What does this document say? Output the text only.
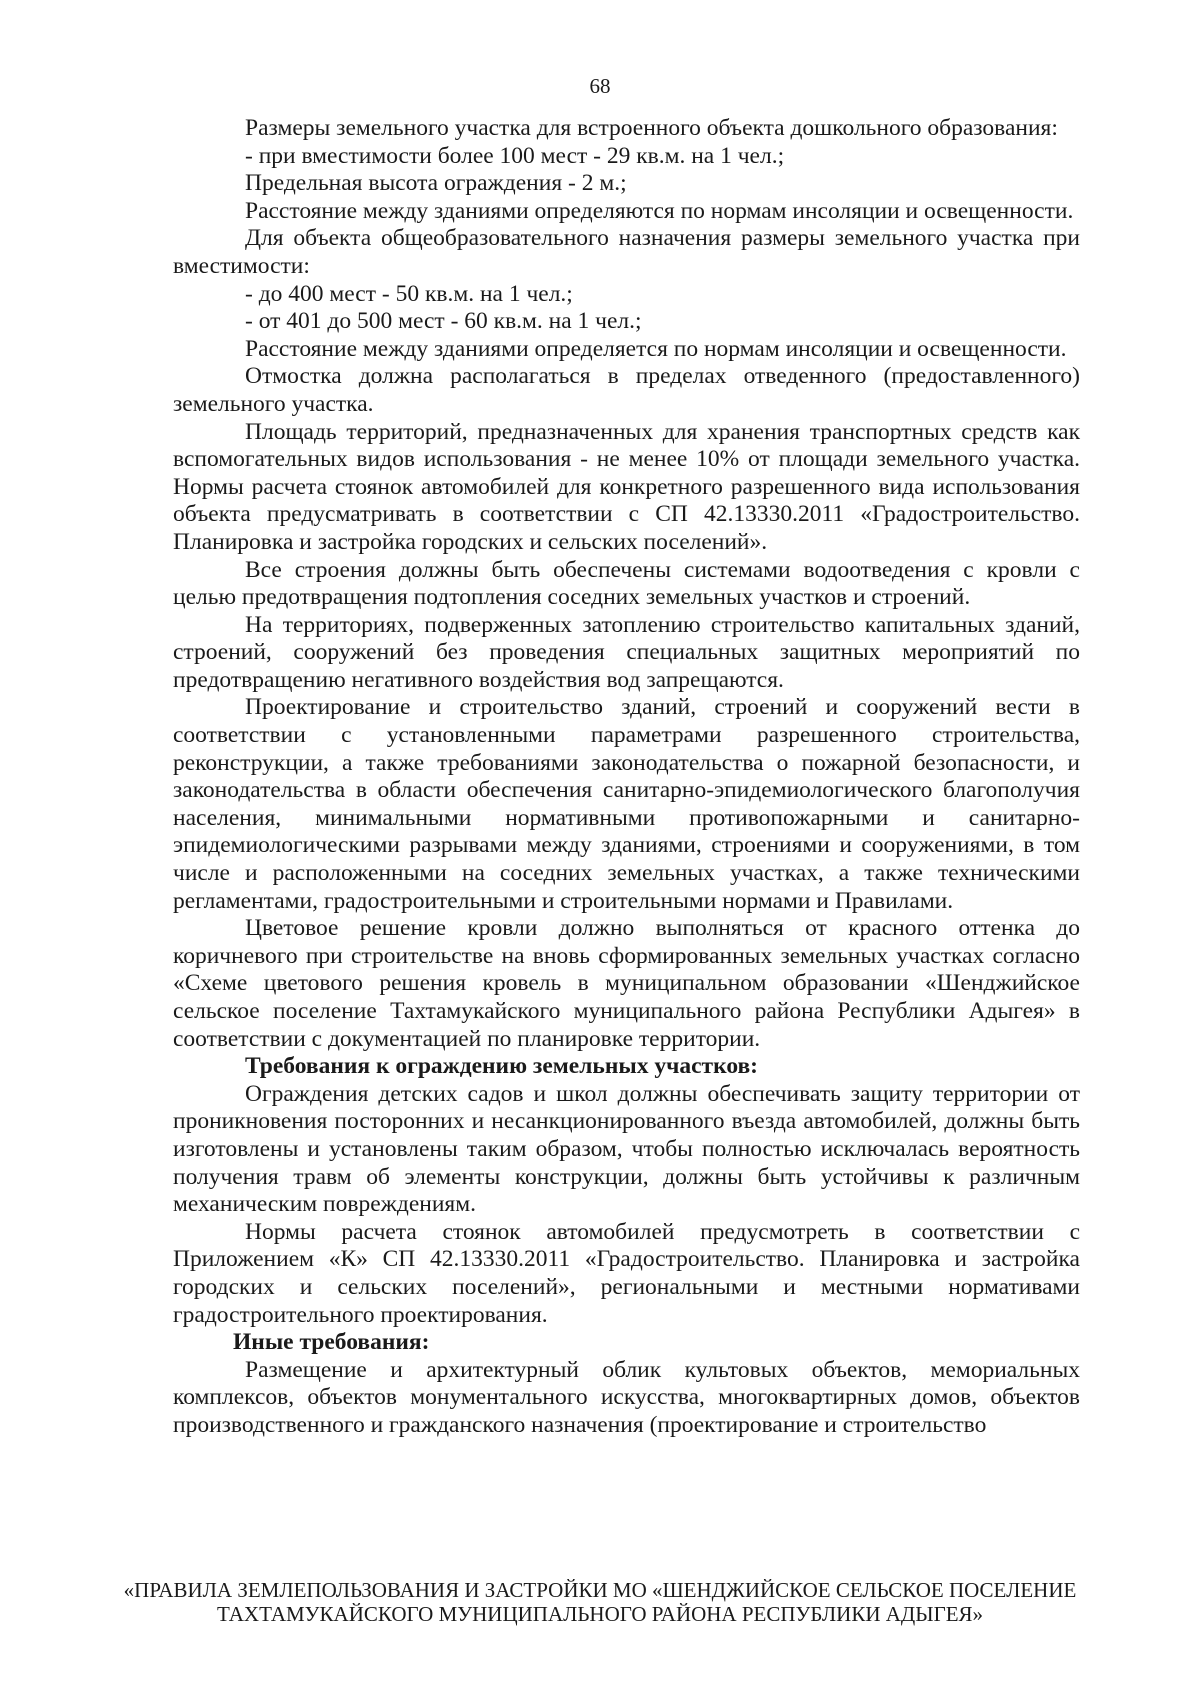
68

Размеры земельного участка для встроенного объекта дошкольного образования:

- при вместимости более 100 мест - 29 кв.м. на 1 чел.;

Предельная высота ограждения - 2 м.;

Расстояние между зданиями определяются по нормам инсоляции и освещенности.

Для объекта общеобразовательного назначения размеры земельного участка при вместимости:

- до 400 мест - 50 кв.м. на 1 чел.;

- от 401 до 500 мест - 60 кв.м. на 1 чел.;

Расстояние между зданиями определяется по нормам инсоляции и освещенности.

Отмостка должна располагаться в пределах отведенного (предоставленного) земельного участка.

Площадь территорий, предназначенных для хранения транспортных средств как вспомогательных видов использования - не менее 10% от площади земельного участка. Нормы расчета стоянок автомобилей для конкретного разрешенного вида использования объекта предусматривать в соответствии с СП 42.13330.2011 «Градостроительство. Планировка и застройка городских и сельских поселений».

Все строения должны быть обеспечены системами водоотведения с кровли с целью предотвращения подтопления соседних земельных участков и строений.

На территориях, подверженных затоплению строительство капитальных зданий, строений, сооружений без проведения специальных защитных мероприятий по предотвращению негативного воздействия вод запрещаются.

Проектирование и строительство зданий, строений и сооружений вести в соответствии с установленными параметрами разрешенного строительства, реконструкции, а также требованиями законодательства о пожарной безопасности, и законодательства в области обеспечения санитарно-эпидемиологического благополучия населения, минимальными нормативными противопожарными и санитарно-эпидемиологическими разрывами между зданиями, строениями и сооружениями, в том числе и расположенными на соседних земельных участках, а также техническими регламентами, градостроительными и строительными нормами и Правилами.

Цветовое решение кровли должно выполняться от красного оттенка до коричневого при строительстве на вновь сформированных земельных участках согласно «Схеме цветового решения кровель в муниципальном образовании «Шенджийское сельское поселение Тахтамукайского муниципального района Республики Адыгея» в соответствии с документацией по планировке территории.

Требования к ограждению земельных участков:

Ограждения детских садов и школ должны обеспечивать защиту территории от проникновения посторонних и несанкционированного въезда автомобилей, должны быть изготовлены и установлены таким образом, чтобы полностью исключалась вероятность получения травм об элементы конструкции, должны быть устойчивы к различным механическим повреждениям.

Нормы расчета стоянок автомобилей предусмотреть в соответствии с Приложением «К» СП 42.13330.2011 «Градостроительство. Планировка и застройка городских и сельских поселений», региональными и местными нормативами градостроительного проектирования.

Иные требования:

Размещение и архитектурный облик культовых объектов, мемориальных комплексов, объектов монументального искусства, многоквартирных домов, объектов производственного и гражданского назначения (проектирование и строительство

«ПРАВИЛА ЗЕМЛЕПОЛЬЗОВАНИЯ И ЗАСТРОЙКИ МО «ШЕНДЖИЙСКОЕ СЕЛЬСКОЕ ПОСЕЛЕНИЕ
ТАХТАМУКАЙСКОГО МУНИЦИПАЛЬНОГО РАЙОНА РЕСПУБЛИКИ АДЫГЕЯ»
